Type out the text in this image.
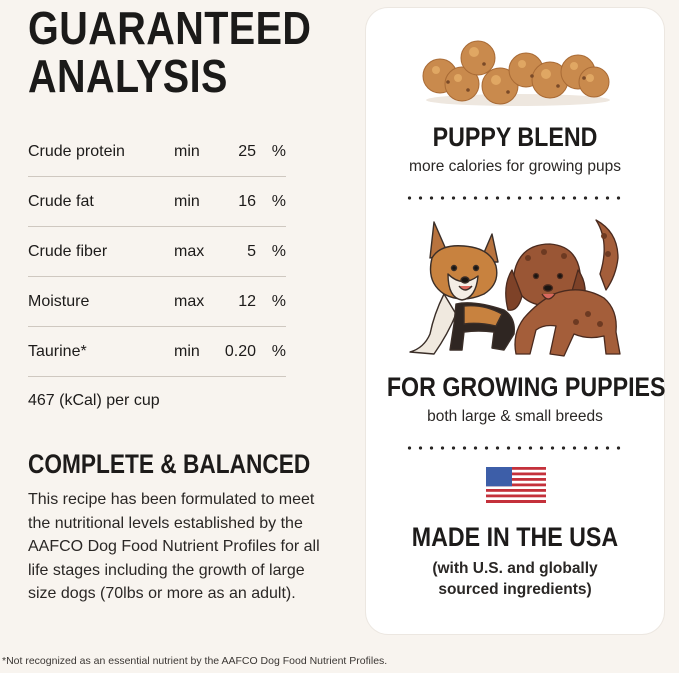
GUARANTEED
ANALYSIS
Crude protein	min 25 %
Crude fat	min 16 %
Crude fiber	max	5 %
Moisture	max 12 %
Taurine*	min 0.20 %
467 (kCal) per cup
COMPLETE & BALANCED
This recipe has been formulated to meet the nutritional levels established by the AAFCO Dog Food Nutrient Profiles for all life stages including the growth of large size dogs (70lbs or more as an adult).
*Not recognized as an essential nutrient by the AAFCO Dog Food Nutrient Profiles.
PUPPY BLEND
more calories for growing pups
FOR GROWING PUPPIES
both large & small breeds
MADE IN THE USA
(with U.S. and globally
sourced ingredients)
